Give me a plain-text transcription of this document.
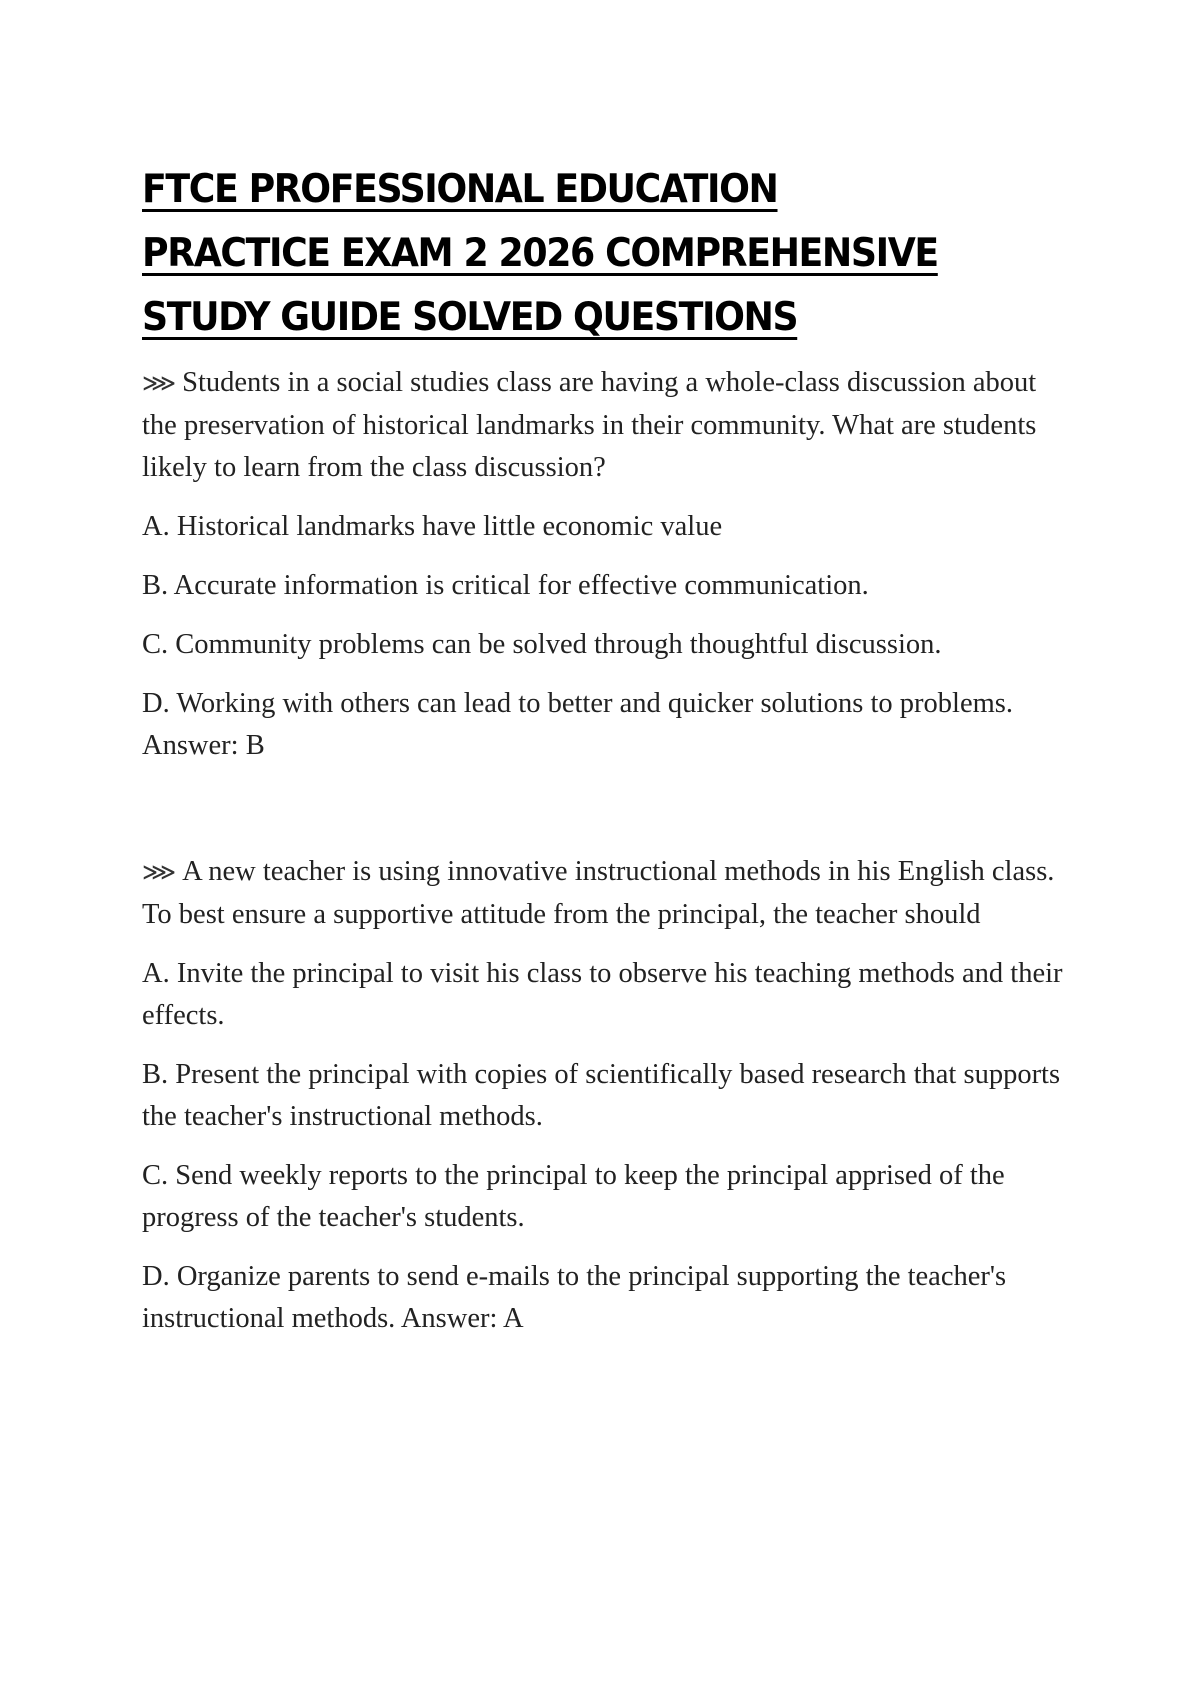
FTCE PROFESSIONAL EDUCATION
PRACTICE EXAM 2 2026 COMPREHENSIVE
STUDY GUIDE SOLVED QUESTIONS

⋙ Students in a social studies class are having a whole-class discussion about the preservation of historical landmarks in their community. What are students likely to learn from the class discussion?

A. Historical landmarks have little economic value

B. Accurate information is critical for effective communication.

C. Community problems can be solved through thoughtful discussion.

D. Working with others can lead to better and quicker solutions to problems. Answer: B

⋙ A new teacher is using innovative instructional methods in his English class. To best ensure a supportive attitude from the principal, the teacher should

A. Invite the principal to visit his class to observe his teaching methods and their effects.

B. Present the principal with copies of scientifically based research that supports the teacher's instructional methods.

C. Send weekly reports to the principal to keep the principal apprised of the progress of the teacher's students.

D. Organize parents to send e-mails to the principal supporting the teacher's instructional methods. Answer: A
